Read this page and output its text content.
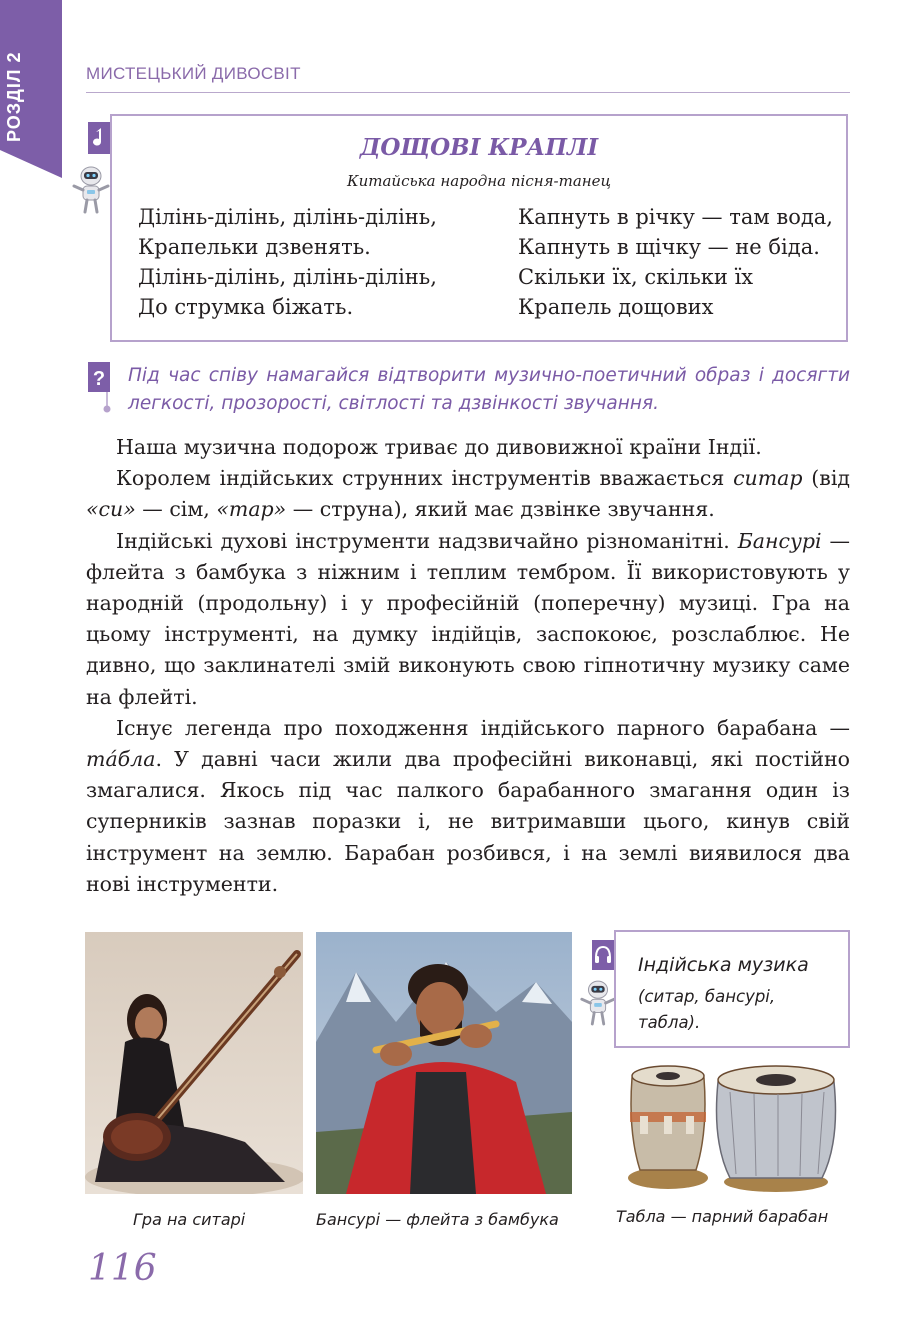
РОЗДІЛ 2	МИСТЕЦЬКИЙ ДИВОСВІТ
ДОЩОВІ КРАПЛІ
Китайська народна пісня-танец
Ділінь-ділінь, ділінь-ділінь,
Крапельки дзвенять.
Ділінь-ділінь, ділінь-ділінь,
До струмка біжать.
Капнуть в річку — там вода,
Капнуть в щічку — не біда.
Скільки їх, скільки їх
Крапель дощових
? Під час співу намагайся відтворити музично-поетичний образ і досягти легкості, прозорості, світлості та дзвінкості звучання.

Наша музична подорож триває до дивовижної країни Індії.

Королем індійських струнних інструментів вважається ситар (від «си» — сім, «тар» — струна), який має дзвінке звучання.

Індійські духові інструменти надзвичайно різноманітні. Бансурі — флейта з бамбука з ніжним і теплим тембром. Її використовують у народній (продольну) і у професійній (поперечну) музиці. Гра на цьому інструменті, на думку індійців, заспокоює, розслаблює. Не дивно, що заклинателі змій виконують свою гіпнотичну музику саме на флейті.

Існує легенда про походження індійського парного барабана — та́бла. У давні часи жили два професійні виконавці, які постійно змагалися. Якось під час палкого барабанного змагання один із суперників зазнав поразки і, не витримавши цього, кинув свій інструмент на землю. Барабан розбився, і на землі виявилося два нові інструменти.

Гра на ситарі	Бансурі — флейта з бамбука
Індійська музика
(ситар, бансурі, табла).
Табла — парний барабан
116
